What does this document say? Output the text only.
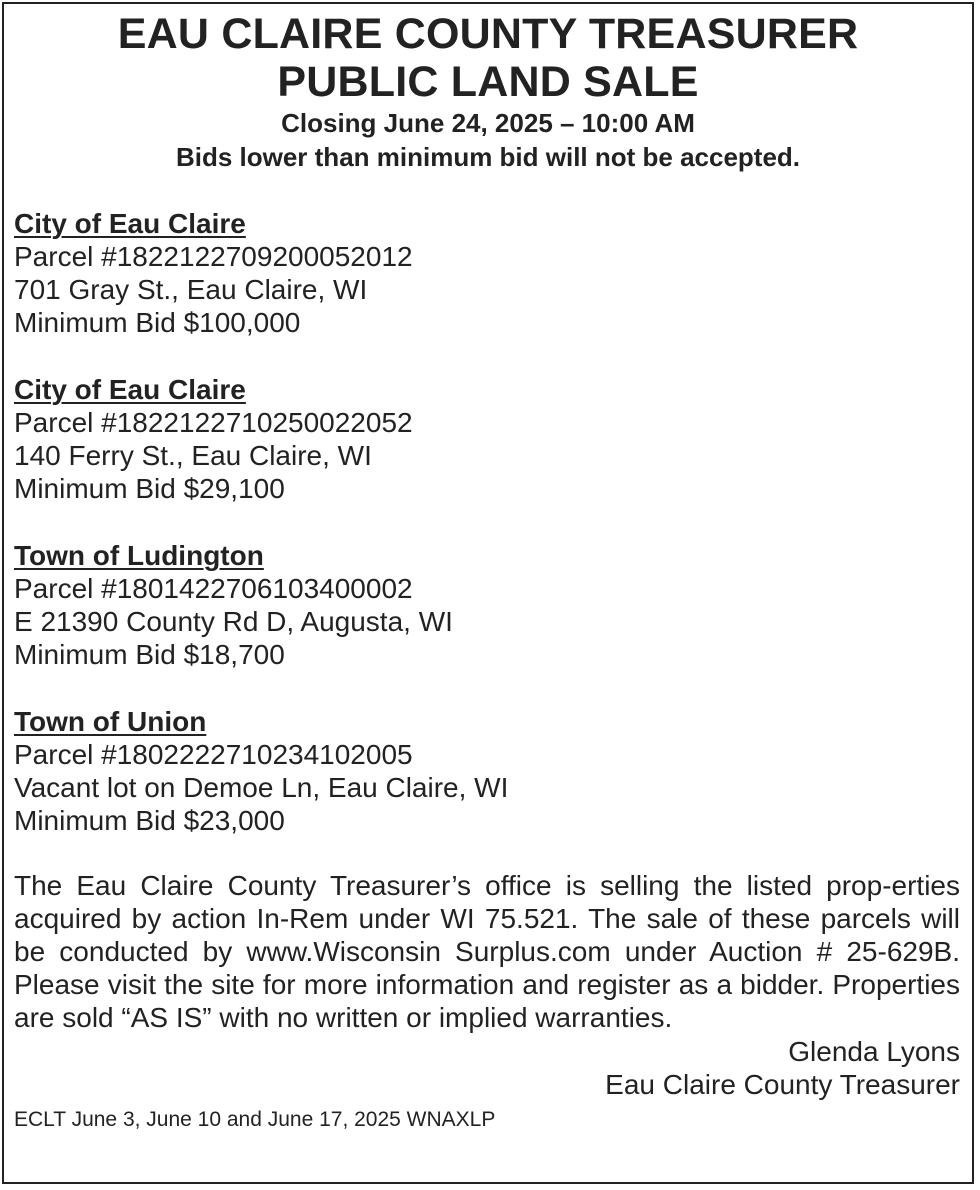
EAU CLAIRE COUNTY TREASURER
PUBLIC LAND SALE
Closing June 24, 2025 – 10:00 AM
Bids lower than minimum bid will not be accepted.
City of Eau Claire
Parcel #18221227092000520​12
701 Gray St., Eau Claire, WI
Minimum Bid $100,000
City of Eau Claire
Parcel #18221227102500220​52
140 Ferry St., Eau Claire, WI
Minimum Bid $29,100
Town of Ludington
Parcel #18014227061034000​02
E 21390 County Rd D, Augusta, WI
Minimum Bid $18,700
Town of Union
Parcel #18022227102341020​05
Vacant lot on Demoe Ln, Eau Claire, WI
Minimum Bid $23,000
The Eau Claire County Treasurer’s office is selling the listed prop-erties acquired by action In-Rem under WI 75.521. The sale of these parcels will be conducted by www.Wisconsin Surplus.com under Auction # 25-629B. Please visit the site for more information and register as a bidder. Properties are sold “AS IS” with no written or implied warranties.
Glenda Lyons
Eau Claire County Treasurer
ECLT June 3, June 10 and June 17, 2025 WNAXLP
